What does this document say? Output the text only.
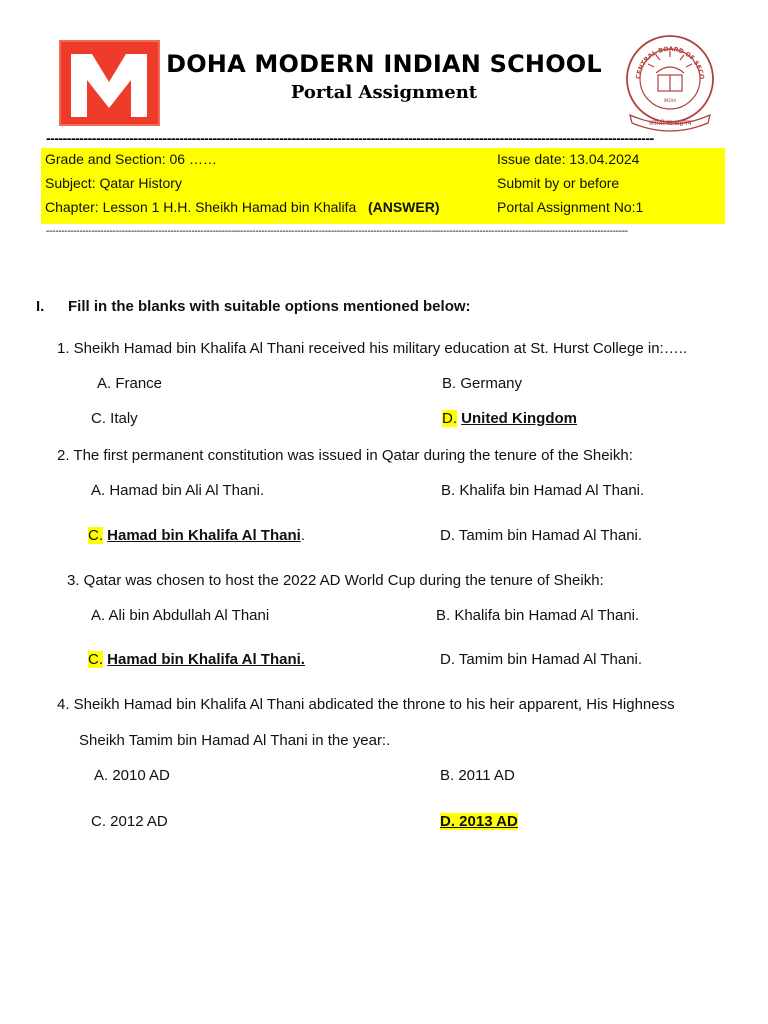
DOHA MODERN INDIAN SCHOOL
Portal Assignment
CENTRAL BOARD OF SECO
INDIA
असतो मा सद्गमय
--------------------------------------------------------------------------------------------------------------------------------------------------
Grade and Section: 06 ……
Subject: Qatar History
Chapter: Lesson 1 H.H. Sheikh Hamad bin Khalifa (ANSWER)
Issue date: 13.04.2024
Submit by or before
Portal Assignment No:1
------------------------------------------------------------------------------------------------------------------------------------------------------------------------------------------------
I. Fill in the blanks with suitable options mentioned below:
1. Sheikh Hamad bin Khalifa Al Thani received his military education at St. Hurst College in:…..
A. France	B. Germany
C. Italy	D. United Kingdom
2. The first permanent constitution was issued in Qatar during the tenure of the Sheikh:
A. Hamad bin Ali Al Thani.	B. Khalifa bin Hamad Al Thani.
C. Hamad bin Khalifa Al Thani.	D. Tamim bin Hamad Al Thani.
3. Qatar was chosen to host the 2022 AD World Cup during the tenure of Sheikh:
A. Ali bin Abdullah Al Thani	B. Khalifa bin Hamad Al Thani.
C. Hamad bin Khalifa Al Thani.	D. Tamim bin Hamad Al Thani.
4. Sheikh Hamad bin Khalifa Al Thani abdicated the throne to his heir apparent, His Highness
Sheikh Tamim bin Hamad Al Thani in the year:.
A. 2010 AD	B. 2011 AD
C. 2012 AD	D. 2013 AD
